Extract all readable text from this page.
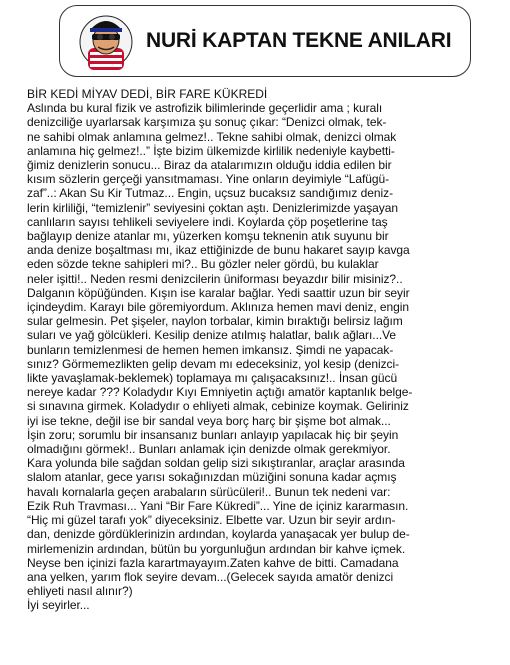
NURİ KAPTAN TEKNE ANILARI
BİR KEDİ MİYAV DEDİ, BİR FARE KÜKREDİ

Aslında bu kural fizik ve astrofizik bilimlerinde geçerlidir ama ; kuralı
denizciliğe uyarlarsak karşımıza şu sonuç çıkar: “Denizci olmak, tek-
ne sahibi olmak anlamına gelmez!.. Tekne sahibi olmak, denizci olmak
anlamına hiç gelmez!..” İşte bizim ülkemizde kirlilik nedeniyle kaybetti-
ğimiz denizlerin sonucu... Biraz da atalarımızın olduğu iddia edilen bir
kısım sözlerin gerçeği yansıtmaması. Yine onların deyimiyle “Lafügü-
zaf”..: Akan Su Kir Tutmaz... Engin, uçsuz bucaksız sandığımız deniz-
lerin kirliliği, “temizlenir” seviyesini çoktan aştı. Denizlerimizde yaşayan
canlıların sayısı tehlikeli seviyelere indi. Koylarda çöp poşetlerine taş
bağlayıp denize atanlar mı, yüzerken komşu teknenin atık suyunu bir
anda denize boşaltması mı, ikaz ettiğinizde de bunu hakaret sayıp kavga
eden sözde tekne sahipleri mi?.. Bu gözler neler gördü, bu kulaklar
neler işitti!.. Neden resmi denizcilerin üniforması beyazdır bilir misiniz?..
Dalganın köpüğünden. Kışın ise karalar bağlar. Yedi saattir uzun bir seyir
içindeydim. Karayı bile göremiyordum. Aklınıza hemen mavi deniz, engin
sular gelmesin. Pet şişeler, naylon torbalar, kimin bıraktığı belirsiz lağım
suları ve yağ gölcükleri. Kesilip denize atılmış halatlar, balık ağları...Ve
bunların temizlenmesi de hemen hemen imkansız. Şimdi ne yapacak-
sınız? Görmemezlikten gelip devam mı edeceksiniz, yol kesip (denizci-
likte yavaşlamak-beklemek) toplamaya mı çalışacaksınız!.. İnsan gücü
nereye kadar ??? Koladydır Kıyı Emniyetin açtığı amatör kaptanlık belge-
si sınavına girmek. Koladydır o ehliyeti almak, cebinize koymak. Geliriniz
iyi ise tekne, değil ise bir sandal veya borç harç bir şişme bot almak...
İşin zoru; sorumlu bir insansanız bunları anlayıp yapılacak hiç bir şeyin
olmadığını görmek!.. Bunları anlamak için denizde olmak gerekmiyor.
Kara yolunda bile sağdan soldan gelip sizi sıkıştıranlar, araçlar arasında
slalom atanlar, gece yarısı sokağınızdan müziğini sonuna kadar açmış
havalı kornalarla geçen arabaların sürücüleri!.. Bunun tek nedeni var:
Ezik Ruh Travması... Yani “Bir Fare Kükredi”... Yine de içiniz kararmasın.
“Hiç mi güzel tarafı yok” diyeceksiniz. Elbette var. Uzun bir seyir ardın-
dan, denizde gördüklerinizin ardından, koylarda yanaşacak yer bulup de-
mirlemenizin ardından, bütün bu yorgunluğun ardından bir kahve içmek.
Neyse ben içinizi fazla karartmayayım.Zaten kahve de bitti. Camadana
ana yelken, yarım flok seyire devam...(Gelecek sayıda amatör denizci
ehliyeti nasıl alınır?)
İyi seyirler...
